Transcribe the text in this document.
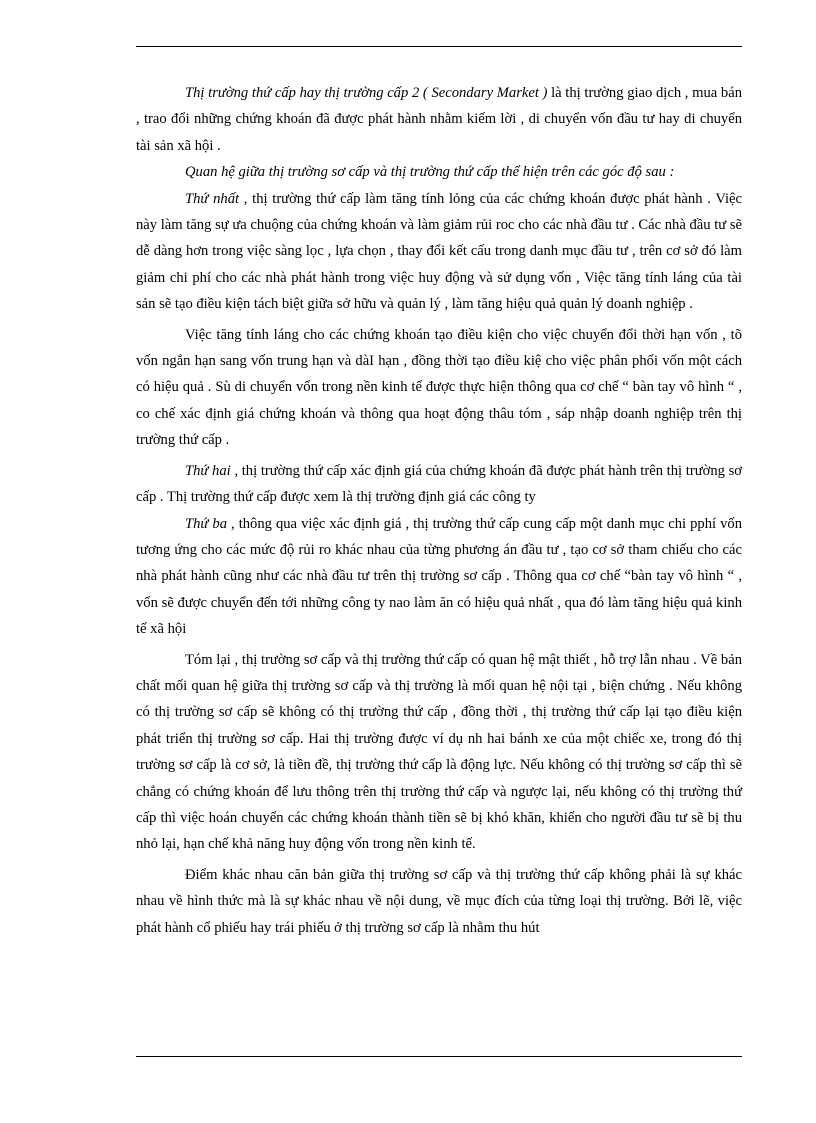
Thị trường thứ cấp hay thị trường cấp 2 ( Secondary Market ) là thị trường giao dịch , mua bán , trao đổi những chứng khoán đã được phát hành nhằm kiếm lời , di chuyển vốn đầu tư hay di chuyển tài sản xã hội .

Quan hệ giữa thị trường sơ cấp và thị trường thứ cấp thể hiện trên các góc độ sau :

Thứ nhất , thị trường thứ cấp làm tăng tính lỏng của các chứng khoán được phát hành . Việc này làm tăng sự ưa chuộng của chứng khoán và làm giảm rủi roc cho các nhà đầu tư . Các nhà đầu tư sẽ dễ dàng hơn trong việc sàng lọc , lựa chọn , thay đổi kết cấu trong danh mục đầu tư , trên cơ sở đó làm giảm chi phí cho các nhà phát hành trong việc huy động và sử dụng vốn , Việc tăng tính láng của tài sản sẽ tạo điều kiện tách biệt giữa sở hữu và quản lý , làm tăng hiệu quả quản lý doanh nghiệp .

Việc tăng tính láng cho các chứng khoán tạo điều kiện cho việc chuyển đổi thời hạn vốn , tõ vốn ngắn hạn sang vốn trung hạn và dàI hạn , đồng thời tạo điều kiệ cho việc phân phối vốn một cách có hiệu quả . Sù di chuyển vốn trong nền kinh tế được thực hiện thông qua cơ chế “ bàn tay vô hình “ , co chế xác định giá chứng khoán và thông qua hoạt động thâu tóm , sáp nhập doanh nghiệp trên thị trường thứ cấp .

Thứ hai , thị trường thứ cấp xác định giá của chứng khoán đã được phát hành trên thị trường sơ cấp . Thị trường thứ cấp được xem là thị trường định giá các công ty

Thứ ba , thông qua việc xác định giá , thị trường thứ cấp cung cấp một danh mục chi pphí vốn tương ứng cho các mức độ rủi ro khác nhau của từng phương án đầu tư , tạo cơ sở tham chiếu cho các nhà phát hành cũng như các nhà đầu tư trên thị trường sơ cấp . Thông qua cơ chế “bàn tay vô hình “ , vốn sẽ được chuyển đến tới những công ty nao làm ăn có hiệu quả nhất , qua đó làm tăng hiệu quả kinh tế xã hội

Tóm lại , thị trường sơ cấp và thị trường thứ cấp có quan hệ mật thiết , hỗ trợ lẫn nhau . Về bản chất mối quan hệ giữa thị trường sơ cấp và thị trường là mối quan hệ nội tại , biện chứng . Nếu không có thị trường sơ cấp sẽ không có thị trường thứ cấp , đồng thời , thị trường thứ cấp lại tạo điều kiện phát triển thị trường sơ cấp. Hai thị trường được ví dụ nh hai bánh xe của một chiếc xe, trong đó thị trường sơ cấp là cơ sở, là tiền đề, thị trường thứ cấp là động lực. Nếu không có thị trường sơ cấp thì sẽ chẳng có chứng khoán để lưu thông trên thị trường thứ cấp và ngược lại, nếu không có thị trường thứ cấp thì việc hoán chuyển các chứng khoán thành tiền sẽ bị khó khăn, khiến cho người đầu tư sẽ bị thu nhỏ lại, hạn chế khả năng huy động vốn trong nền kinh tế.

Điểm khác nhau căn bản giữa thị trường sơ cấp và thị trường thứ cấp không phải là sự khác nhau về hình thức mà là sự khác nhau về nội dung, về mục đích của từng loại thị trường. Bởi lẽ, việc phát hành cổ phiếu hay trái phiếu ở thị trường sơ cấp là nhằm thu hút
